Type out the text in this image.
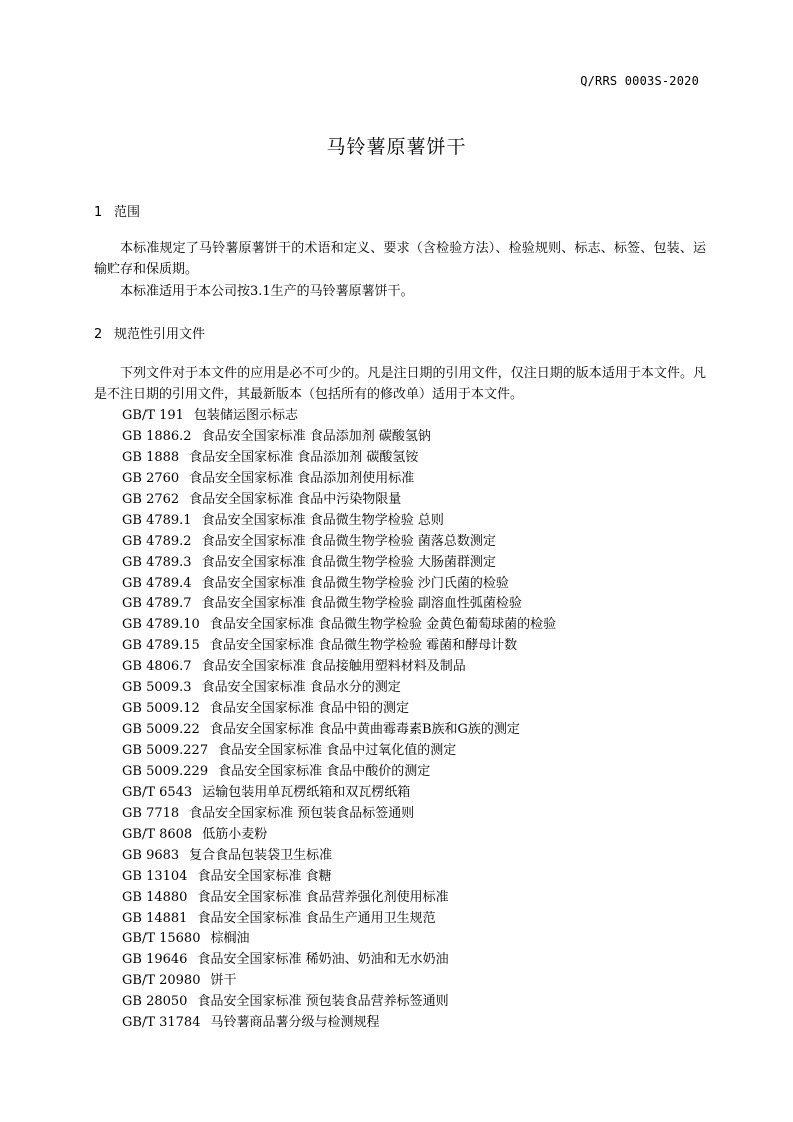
Q/RRS 0003S-2020
马铃薯原薯饼干
1 范围
本标准规定了马铃薯原薯饼干的术语和定义、要求（含检验方法）、检验规则、标志、标签、包装、运输贮存和保质期。
本标准适用于本公司按3.1生产的马铃薯原薯饼干。
2 规范性引用文件
下列文件对于本文件的应用是必不可少的。凡是注日期的引用文件，仅注日期的版本适用于本文件。凡是不注日期的引用文件，其最新版本（包括所有的修改单）适用于本文件。
GB/T 191 包装储运图示标志
GB 1886.2 食品安全国家标准 食品添加剂 碳酸氢钠
GB 1888 食品安全国家标准 食品添加剂 碳酸氢铵
GB 2760 食品安全国家标准 食品添加剂使用标准
GB 2762 食品安全国家标准 食品中污染物限量
GB 4789.1 食品安全国家标准 食品微生物学检验 总则
GB 4789.2 食品安全国家标准 食品微生物学检验 菌落总数测定
GB 4789.3 食品安全国家标准 食品微生物学检验 大肠菌群测定
GB 4789.4 食品安全国家标准 食品微生物学检验 沙门氏菌的检验
GB 4789.7 食品安全国家标准 食品微生物学检验 副溶血性弧菌检验
GB 4789.10 食品安全国家标准 食品微生物学检验 金黄色葡萄球菌的检验
GB 4789.15 食品安全国家标准 食品微生物学检验 霉菌和酵母计数
GB 4806.7 食品安全国家标准 食品接触用塑料材料及制品
GB 5009.3 食品安全国家标准 食品水分的测定
GB 5009.12 食品安全国家标准 食品中铅的测定
GB 5009.22 食品安全国家标准 食品中黄曲霉毒素B族和G族的测定
GB 5009.227 食品安全国家标准 食品中过氧化值的测定
GB 5009.229 食品安全国家标准 食品中酸价的测定
GB/T 6543 运输包装用单瓦楞纸箱和双瓦楞纸箱
GB 7718 食品安全国家标准 预包装食品标签通则
GB/T 8608 低筋小麦粉
GB 9683 复合食品包装袋卫生标准
GB 13104 食品安全国家标准 食糖
GB 14880 食品安全国家标准 食品营养强化剂使用标准
GB 14881 食品安全国家标准 食品生产通用卫生规范
GB/T 15680 棕榈油
GB 19646 食品安全国家标准 稀奶油、奶油和无水奶油
GB/T 20980 饼干
GB 28050 食品安全国家标准 预包装食品营养标签通则
GB/T 31784 马铃薯商品薯分级与检测规程
